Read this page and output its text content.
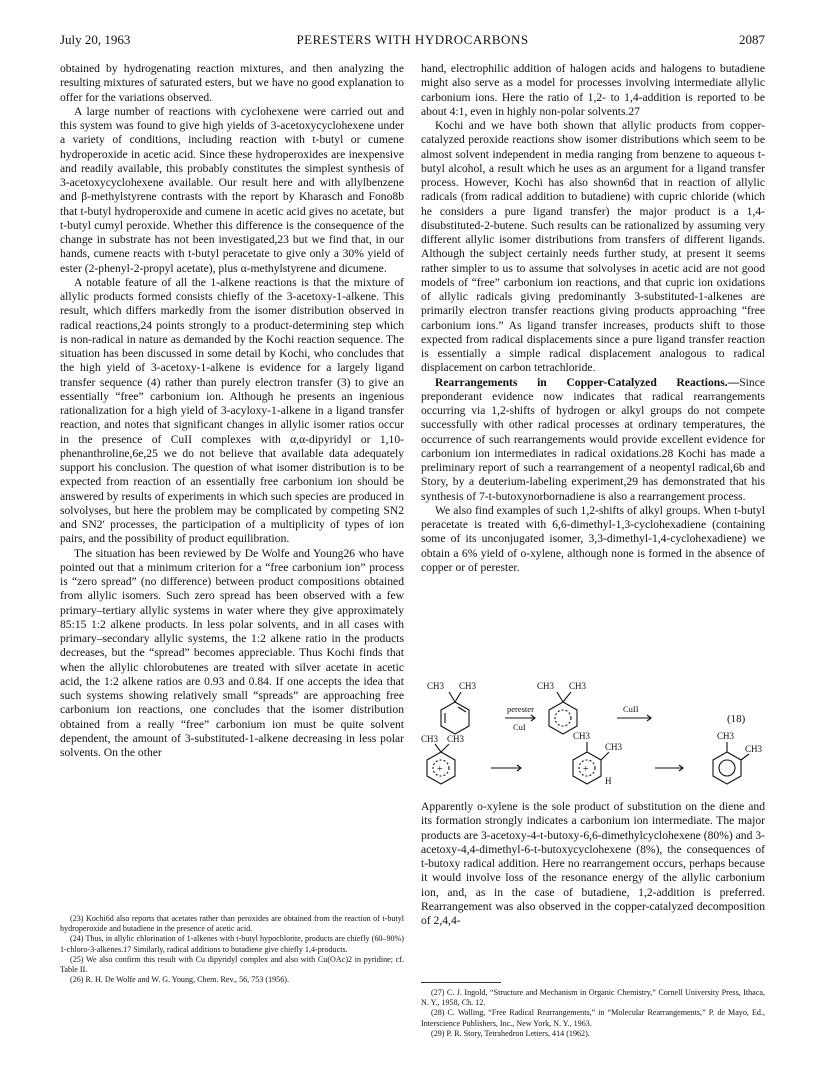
July 20, 1963	PERESTERS WITH HYDROCARBONS	2087

obtained by hydrogenating reaction mixtures, and then analyzing the resulting mixtures of saturated esters, but we have no good explanation to offer for the variations observed.

A large number of reactions with cyclohexene were carried out and this system was found to give high yields of 3-acetoxycyclohexene under a variety of conditions, including reaction with t-butyl or cumene hydroperoxide in acetic acid. Since these hydroperoxides are inexpensive and readily available, this probably constitutes the simplest synthesis of 3-acetoxycyclohexene available. Our result here and with allylbenzene and β-methylstyrene contrasts with the report by Kharasch and Fono8b that t-butyl hydroperoxide and cumene in acetic acid gives no acetate, but t-butyl cumyl peroxide. Whether this difference is the consequence of the change in substrate has not been investigated,23 but we find that, in our hands, cumene reacts with t-butyl peracetate to give only a 30% yield of ester (2-phenyl-2-propyl acetate), plus α-methylstyrene and dicumene.

A notable feature of all the 1-alkene reactions is that the mixture of allylic products formed consists chiefly of the 3-acetoxy-1-alkene. This result, which differs markedly from the isomer distribution observed in radical reactions,24 points strongly to a product-determining step which is non-radical in nature as demanded by the Kochi reaction sequence. The situation has been discussed in some detail by Kochi, who concludes that the high yield of 3-acetoxy-1-alkene is evidence for a largely ligand transfer sequence (4) rather than purely electron transfer (3) to give an essentially “free” carbonium ion. Although he presents an ingenious rationalization for a high yield of 3-acyloxy-1-alkene in a ligand transfer reaction, and notes that significant changes in allylic isomer ratios occur in the presence of CuII complexes with α,α-dipyridyl or 1,10-phenanthroline,6e,25 we do not believe that available data adequately support his conclusion. The question of what isomer distribution is to be expected from reaction of an essentially free carbonium ion should be answered by results of experiments in which such species are produced in solvolyses, but here the problem may be complicated by competing SN2 and SN2′ processes, the participation of a multiplicity of types of ion pairs, and the possibility of product equilibration.

The situation has been reviewed by De Wolfe and Young26 who have pointed out that a minimum criterion for a “free carbonium ion” process is “zero spread” (no difference) between product compositions obtained from allylic isomers. Such zero spread has been observed with a few primary–tertiary allylic systems in water where they give approximately 85:15 1:2 alkene products. In less polar solvents, and in all cases with primary–secondary allylic systems, the 1:2 alkene ratio in the products decreases, but the “spread” becomes appreciable. Thus Kochi finds that when the allylic chlorobutenes are treated with silver acetate in acetic acid, the 1:2 alkene ratios are 0.93 and 0.84. If one accepts the idea that such systems showing relatively small “spreads” are approaching free carbonium ion reactions, one concludes that the isomer distribution obtained from a really “free” carbonium ion must be quite solvent dependent, the amount of 3-substituted-1-alkene decreasing in less polar solvents. On the other

(23) Kochi6d also reports that acetates rather than peroxides are obtained from the reaction of t-butyl hydroperoxide and butadiene in the presence of acetic acid.

(24) Thus, in allylic chlorination of 1-alkenes with t-butyl hypochlorite, products are chiefly (60–90%) 1-chloro-3-alkenes.17 Similarly, radical additions to butadiene give chiefly 1,4-products.

(25) We also confirm this result with Cu dipyridyl complex and also with Cu(OAc)2 in pyridine; cf. Table II.

(26) R. H. De Wolfe and W. G. Young, Chem. Rev., 56, 753 (1956).

hand, electrophilic addition of halogen acids and halogens to butadiene might also serve as a model for processes involving intermediate allylic carbonium ions. Here the ratio of 1,2- to 1,4-addition is reported to be about 4:1, even in highly non-polar solvents.27

Kochi and we have both shown that allylic products from copper-catalyzed peroxide reactions show isomer distributions which seem to be almost solvent independent in media ranging from benzene to aqueous t-butyl alcohol, a result which he uses as an argument for a ligand transfer process. However, Kochi has also shown6d that in reaction of allylic radicals (from radical addition to butadiene) with cupric chloride (which he considers a pure ligand transfer) the major product is a 1,4-disubstituted-2-butene. Such results can be rationalized by assuming very different allylic isomer distributions from transfers of different ligands. Although the subject certainly needs further study, at present it seems rather simpler to us to assume that solvolyses in acetic acid are not good models of “free” carbonium ion reactions, and that cupric ion oxidations of allylic radicals giving predominantly 3-substituted-1-alkenes are primarily electron transfer reactions giving products approaching “free carbonium ions.” As ligand transfer increases, products shift to those expected from radical displacements since a pure ligand transfer reaction is essentially a simple radical displacement analogous to radical displacement on carbon tetrachloride.

Rearrangements in Copper-Catalyzed Reactions.—Since preponderant evidence now indicates that radical rearrangements occurring via 1,2-shifts of hydrogen or alkyl groups do not compete successfully with other radical processes at ordinary temperatures, the occurrence of such rearrangements would provide excellent evidence for carbonium ion intermediates in radical oxidations.28 Kochi has made a preliminary report of such a rearrangement of a neopentyl radical,6b and Story, by a deuterium-labeling experiment,29 has demonstrated that his synthesis of 7-t-butoxynorbornadiene is also a rearrangement process.

We also find examples of such 1,2-shifts of alkyl groups. When t-butyl peracetate is treated with 6,6-dimethyl-1,3-cyclohexadiene (containing some of its unconjugated isomer, 3,3-dimethyl-1,4-cyclohexadiene) we obtain a 6% yield of o-xylene, although none is formed in the absence of copper or of perester.

CH3 CH3	CH3 CH3
perester
CuI
CuII
(18)
CH3 CH3
+
CH3
CH3
+
H
CH3
CH3

Apparently o-xylene is the sole product of substitution on the diene and its formation strongly indicates a carbonium ion intermediate. The major products are 3-acetoxy-4-t-butoxy-6,6-dimethylcyclohexene (80%) and 3-acetoxy-4,4-dimethyl-6-t-butoxycyclohexene (8%), the consequences of t-butoxy radical addition. Here no rearrangement occurs, perhaps because it would involve loss of the resonance energy of the allylic carbonium ion, and, as in the case of butadiene, 1,2-addition is preferred. Rearrangement was also observed in the copper-catalyzed decomposition of 2,4,4-

(27) C. J. Ingold, “Structure and Mechanism in Organic Chemistry,” Cornell University Press, Ithaca, N. Y., 1958, Ch. 12.

(28) C. Walling, “Free Radical Rearrangements,” in “Molecular Rearrangements,” P. de Mayo, Ed., Interscience Publishers, Inc., New York, N. Y., 1963.

(29) P. R. Story, Tetrahedron Letters, 414 (1962).
